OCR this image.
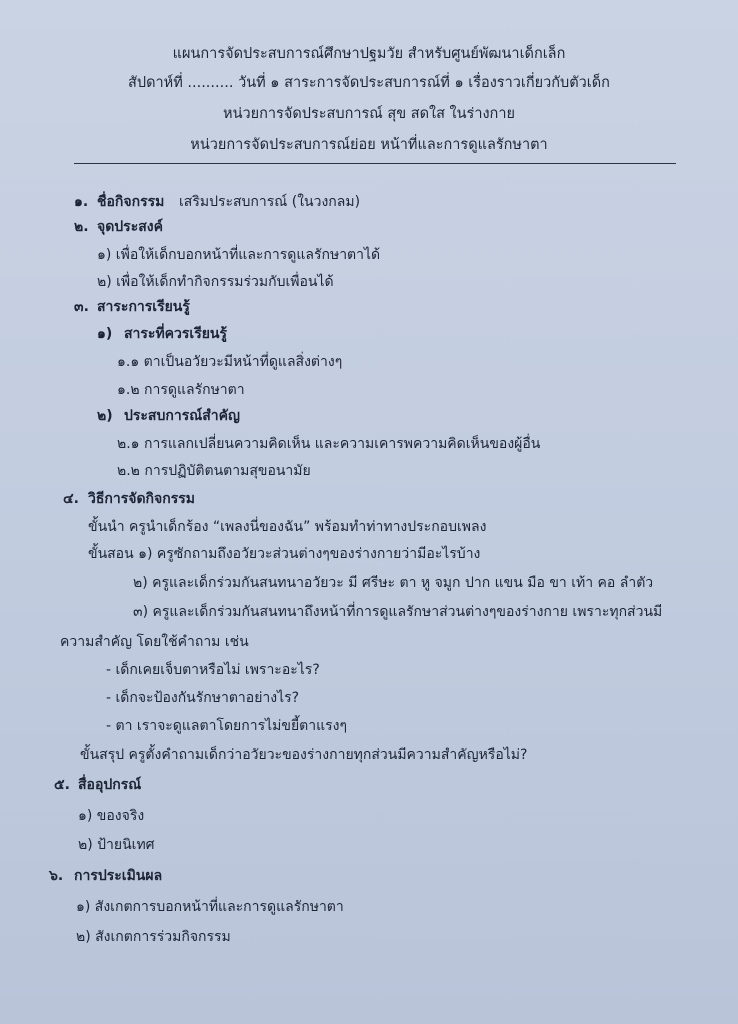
แผนการจัดประสบการณ์ศึกษาปฐมวัย สำหรับศูนย์พัฒนาเด็กเล็ก
สัปดาห์ที่ .......... วันที่ ๑ สาระการจัดประสบการณ์ที่ ๑ เรื่องราวเกี่ยวกับตัวเด็ก
หน่วยการจัดประสบการณ์ สุข สดใส ในร่างกาย
หน่วยการจัดประสบการณ์ย่อย หน้าที่และการดูแลรักษาตา
๑. ชื่อกิจกรรม เสริมประสบการณ์ (ในวงกลม)
๒. จุดประสงค์
๑) เพื่อให้เด็กบอกหน้าที่และการดูแลรักษาตาได้
๒) เพื่อให้เด็กทำกิจกรรมร่วมกับเพื่อนได้
๓. สาระการเรียนรู้
๑) สาระที่ควรเรียนรู้
๑.๑ ตาเป็นอวัยวะมีหน้าที่ดูแลสิ่งต่างๆ
๑.๒ การดูแลรักษาตา
๒) ประสบการณ์สำคัญ
๒.๑ การแลกเปลี่ยนความคิดเห็น และความเคารพความคิดเห็นของผู้อื่น
๒.๒ การปฏิบัติตนตามสุขอนามัย
๔. วิธีการจัดกิจกรรม
ขั้นนำ ครูนำเด็กร้อง “เพลงนี่ของฉัน” พร้อมทำท่าทางประกอบเพลง
ขั้นสอน ๑) ครูซักถามถึงอวัยวะส่วนต่างๆของร่างกายว่ามีอะไรบ้าง
๒) ครูและเด็กร่วมกันสนทนาอวัยวะ มี ศรีษะ ตา หู จมูก ปาก แขน มือ ขา เท้า คอ ลำตัว
๓) ครูและเด็กร่วมกันสนทนาถึงหน้าที่การดูแลรักษาส่วนต่างๆของร่างกาย เพราะทุกส่วนมี
ความสำคัญ โดยใช้คำถาม เช่น
- เด็กเคยเจ็บตาหรือไม่ เพราะอะไร?
- เด็กจะป้องกันรักษาตาอย่างไร?
- ตา เราจะดูแลตาโดยการไม่ขยี้ตาแรงๆ
ขั้นสรุป ครูตั้งคำถามเด็กว่าอวัยวะของร่างกายทุกส่วนมีความสำคัญหรือไม่?
๕. สื่ออุปกรณ์
๑) ของจริง
๒) ป้ายนิเทศ
๖. การประเมินผล
๑) สังเกตการบอกหน้าที่และการดูแลรักษาตา
๒) สังเกตการร่วมกิจกรรม
